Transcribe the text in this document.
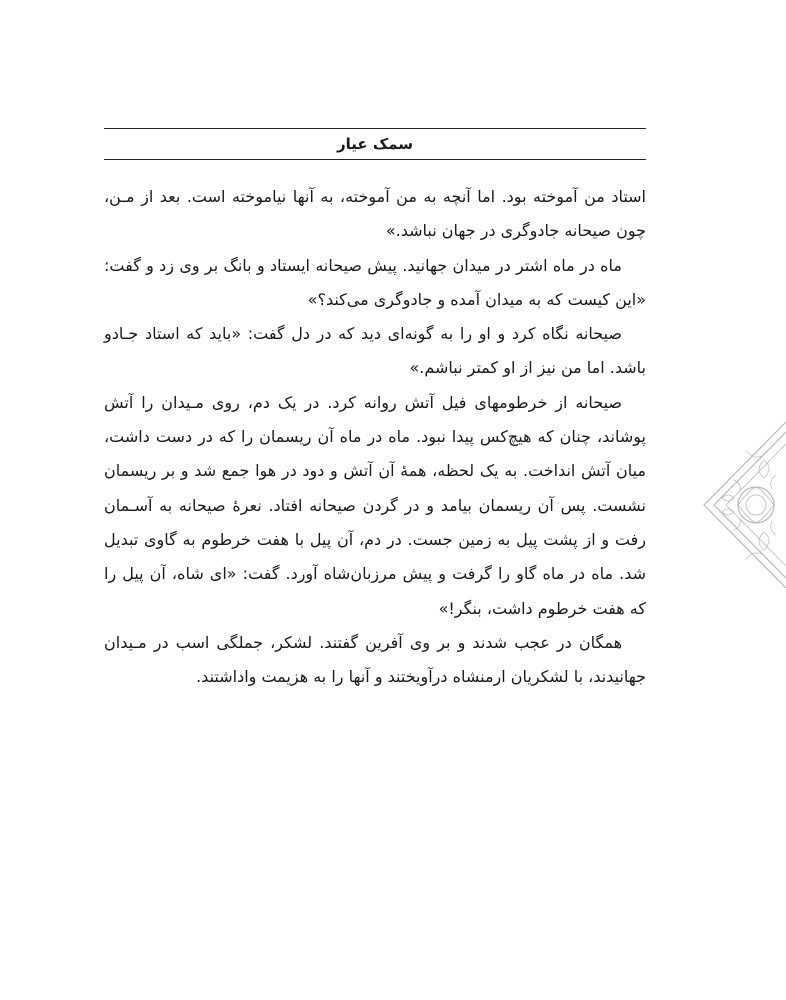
سمک عیار

استاد من آموخته بود. اما آنچه به من آموخته، به آنها نیاموخته است. بعد از مـن، چون صیحانه جادوگری در جهان نباشد.»

ماه در ماه اشتر در میدان جهانید. پیش صیحانه ایستاد و بانگ بر وی زد و گفت: «این کیست که به میدان آمده و جادوگری می‌کند؟»

صیحانه نگاه کرد و او را به گونه‌ای دید که در دل گفت: «باید که استاد جـادو باشد. اما من نیز از او کمتر نباشم.»

صیحانه از خرطومهای فیل آتش روانه کرد. در یک دم، روی مـیدان را آتش پوشاند، چنان که هیچ‌کس پیدا نبود. ماه در ماه آن ریسمان را که در دست داشت، میان آتش انداخت. به یک لحظه، همهٔ آن آتش و دود در هوا جمع شد و بر ریسمان نشست. پس آن ریسمان بیامد و در گردن صیحانه افتاد. نعرهٔ صیحانه به آسـمان رفت و از پشت پیل به زمین جست. در دم، آن پیل با هفت خرطوم به گاوی تبدیل شد. ماه در ماه گاو را گرفت و پیش مرزبان‌شاه آورد. گفت: «ای شاه، آن پیل را که هفت خرطوم داشت، بنگر!»

همگان در عجب شدند و بر وی آفرین گفتند. لشکر، جملگی اسب در مـیدان جهانیدند، با لشکریان ارمنشاه درآویختند و آنها را به هزیمت واداشتند.
